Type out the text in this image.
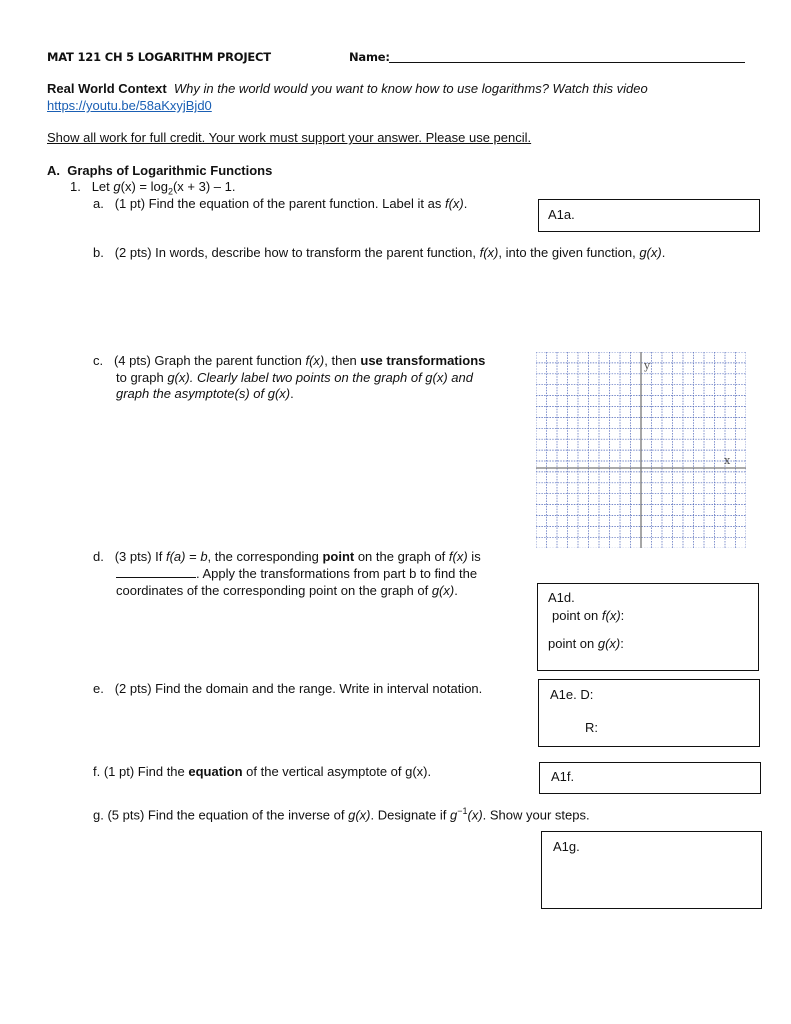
MAT 121 CH 5 LOGARITHM PROJECT	Name:
Real World Context Why in the world would you want to know how to use logarithms? Watch this video
https://youtu.be/58aKxyjBjd0
Show all work for full credit. Your work must support your answer. Please use pencil.
A. Graphs of Logarithmic Functions
1. Let $g(x) = \log_2(x + 3) - 1$.
a. (1 pt) Find the equation of the parent function. Label it as f(x).
A1a.
b. (2 pts) In words, describe how to transform the parent function, f(x), into the given function, g(x).
c. (4 pts) Graph the parent function f(x), then use transformations
to graph g(x). Clearly label two points on the graph of g(x) and
graph the asymptote(s) of g(x).
y
x
d. (3 pts) If f(a) = b, the corresponding point on the graph of f(x) is
. Apply the transformations from part b to find the
coordinates of the corresponding point on the graph of g(x).	A1d.
point on f(x):
point on g(x):
e. (2 pts) Find the domain and the range. Write in interval notation.	A1e. D:
R:
f. (1 pt) Find the equation of the vertical asymptote of g(x).	A1f.
g. (5 pts) Find the equation of the inverse of g(x). Designate if $g^{-1}(x)$. Show your steps.
A1g.
